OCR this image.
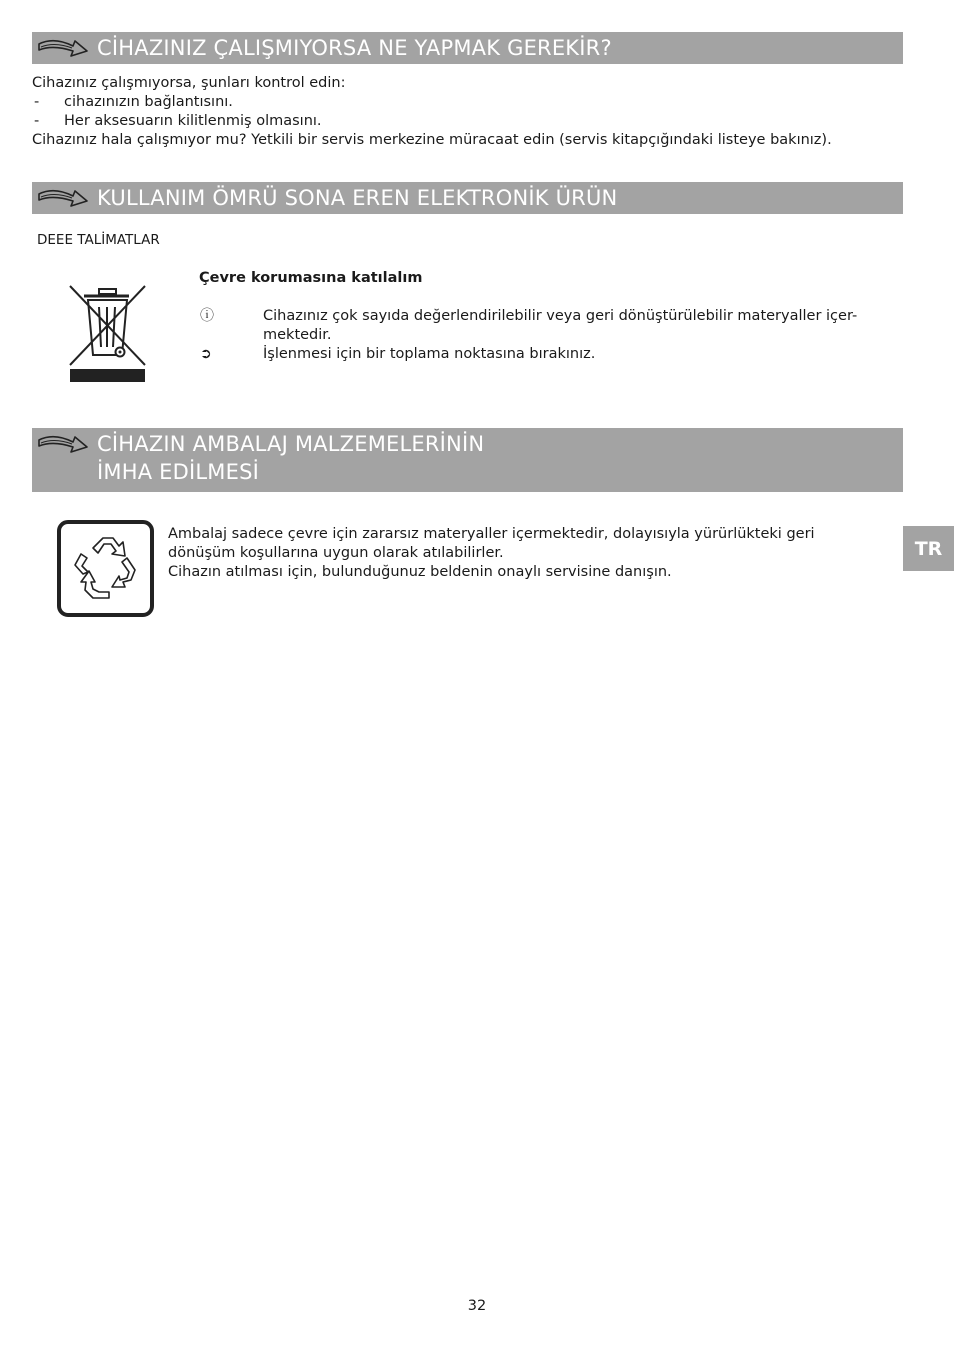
CİHAZINIZ ÇALIŞMIYORSA NE YAPMAK GEREKİR?
Cihazınız çalışmıyorsa, şunları kontrol edin:
- cihazınızın bağlantısını.
- Her aksesuarın kilitlenmiş olmasını.
Cihazınız hala çalışmıyor mu? Yetkili bir servis merkezine müracaat edin (servis kitapçığındaki listeye bakınız).
KULLANIM ÖMRÜ SONA EREN ELEKTRONİK ÜRÜN
DEEE TALİMATLAR
Çevre korumasına katılalım
ⓘ	Cihazınız çok sayıda değerlendirilebilir veya geri dönüştürülebilir materyaller içer-
mektedir.
➲	İşlenmesi için bir toplama noktasına bırakınız.
CİHAZIN AMBALAJ MALZEMELERİNİN
İMHA EDİLMESİ
Ambalaj sadece çevre için zararsız materyaller içermektedir, dolayısıyla yürürlükteki geri
dönüşüm koşullarına uygun olarak atılabilirler.
Cihazın atılması için, bulunduğunuz beldenin onaylı servisine danışın.
TR
32
